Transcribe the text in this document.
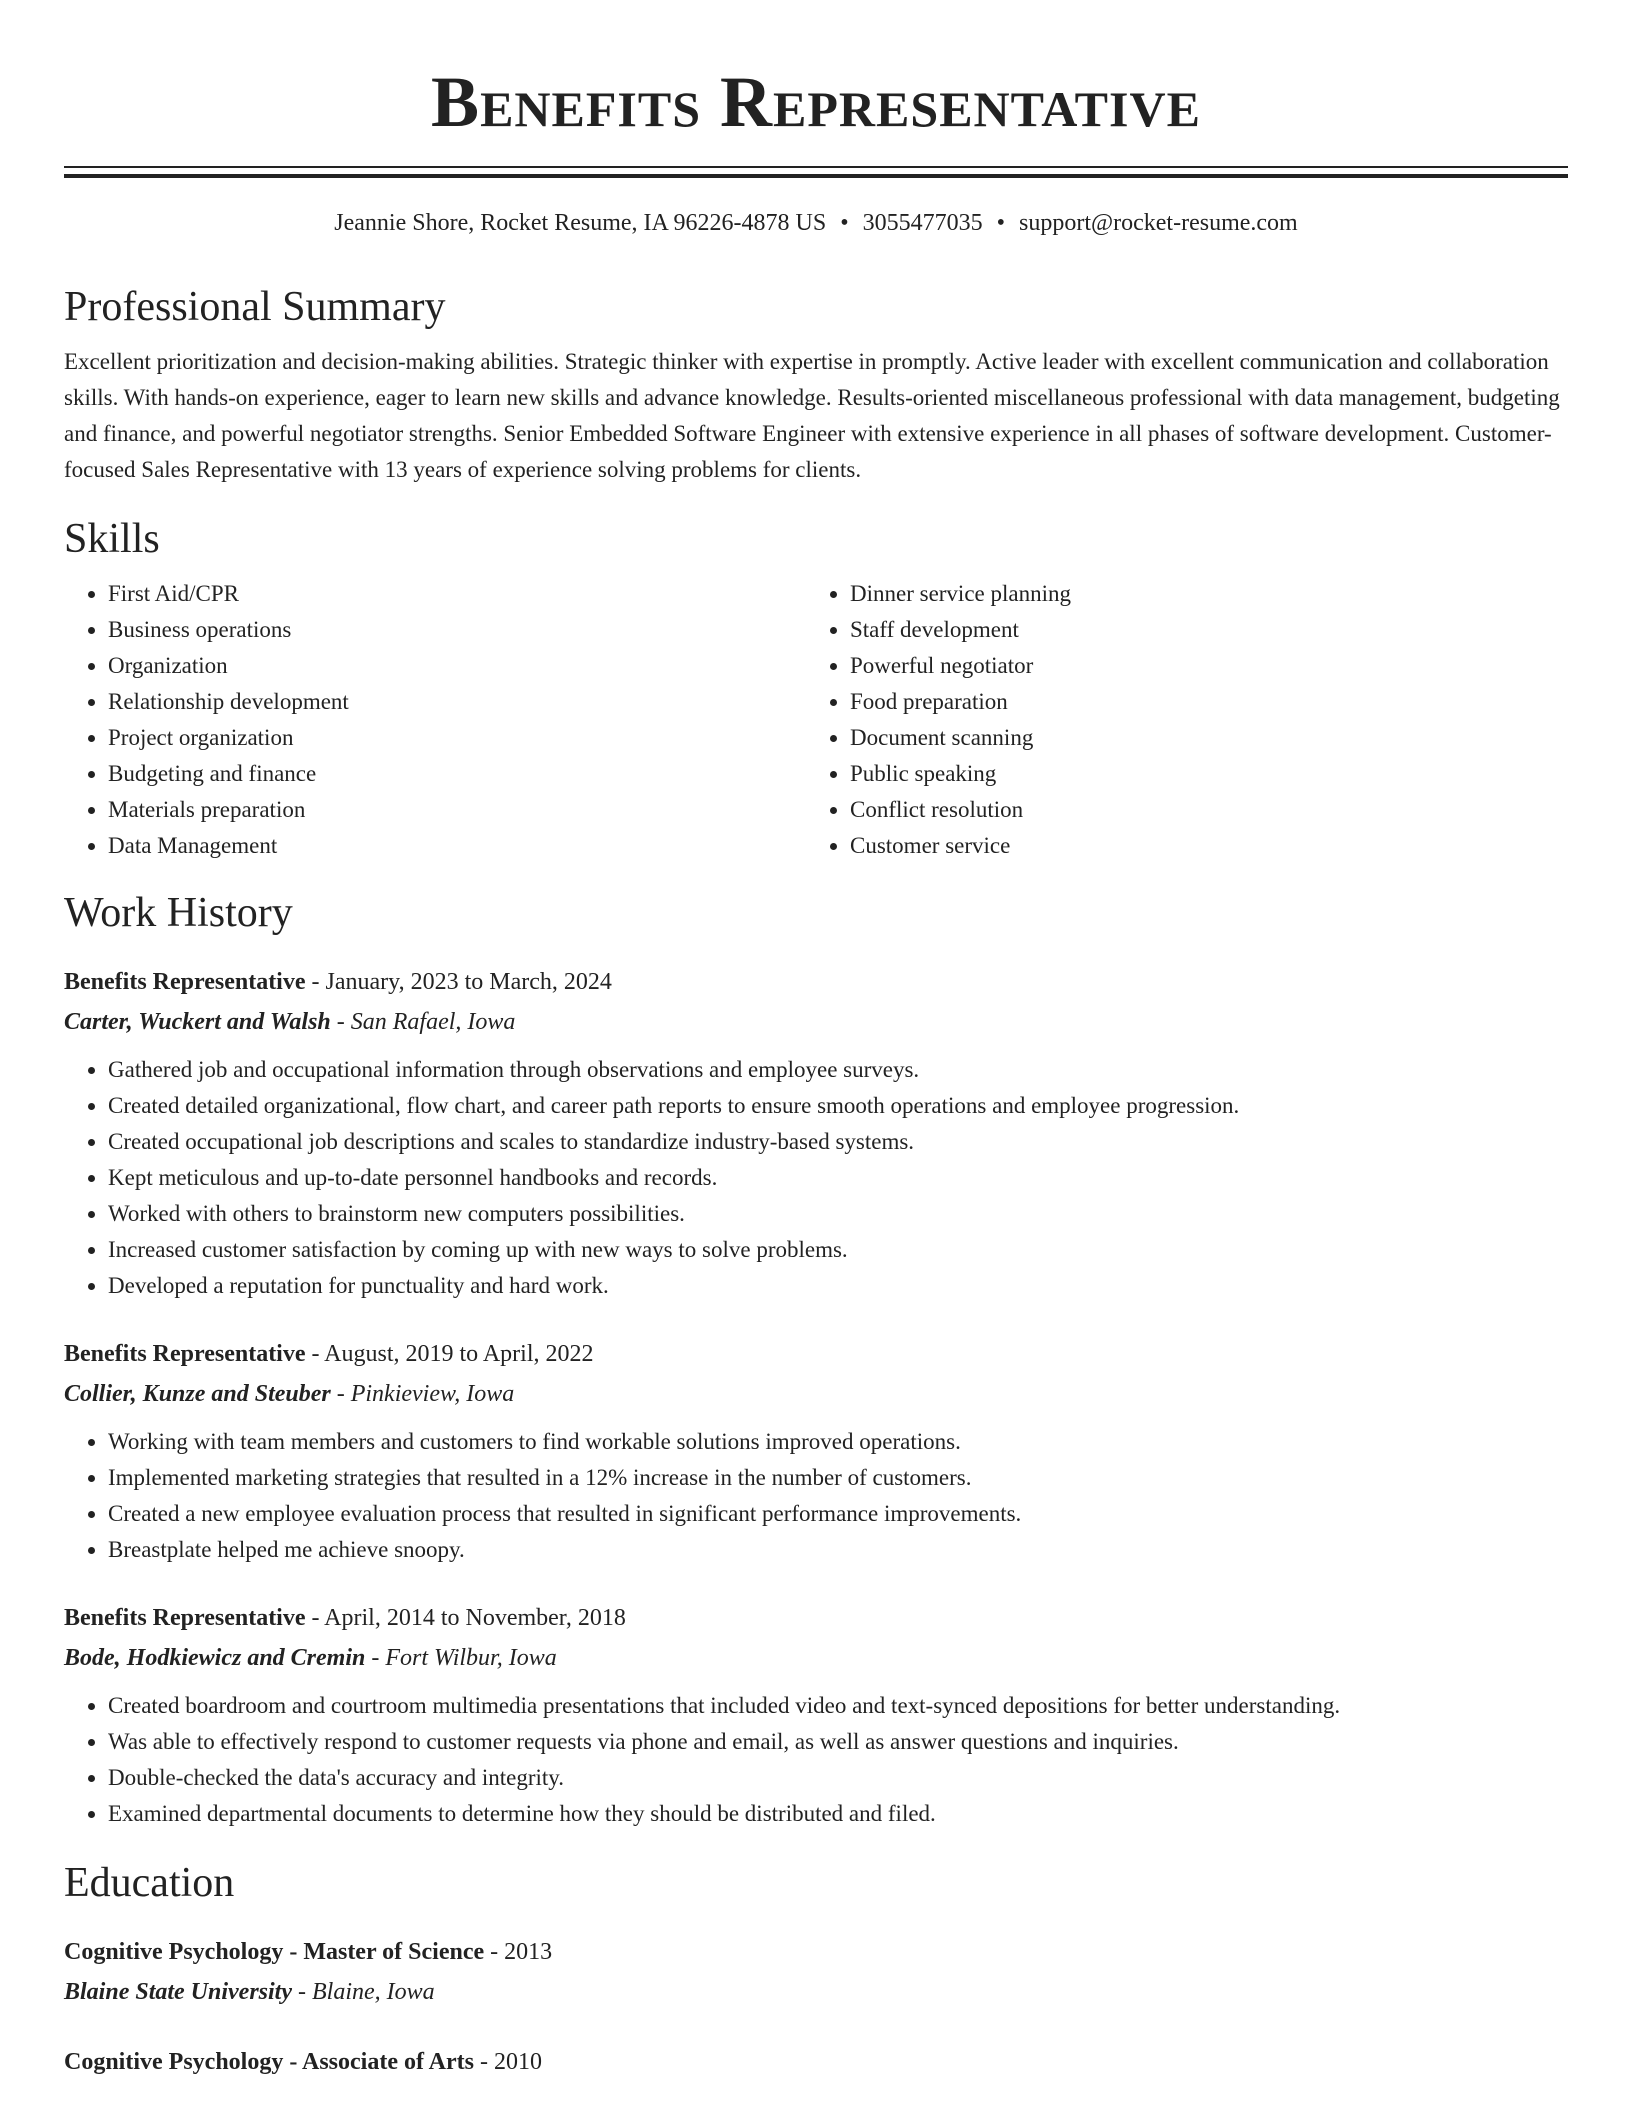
Benefits Representative
Jeannie Shore, Rocket Resume, IA 96226-4878 US • 3055477035 • support@rocket-resume.com
Professional Summary

Excellent prioritization and decision-making abilities. Strategic thinker with expertise in promptly. Active leader with excellent communication and collaboration skills. With hands-on experience, eager to learn new skills and advance knowledge. Results-oriented miscellaneous professional with data management, budgeting and finance, and powerful negotiator strengths. Senior Embedded Software Engineer with extensive experience in all phases of software development. Customer-focused Sales Representative with 13 years of experience solving problems for clients.

Skills
• First Aid/CPR
• Business operations
• Organization
• Relationship development
• Project organization
• Budgeting and finance
• Materials preparation
• Data Management
• Dinner service planning
• Staff development
• Powerful negotiator
• Food preparation
• Document scanning
• Public speaking
• Conflict resolution
• Customer service
Work History
Benefits Representative - January, 2023 to March, 2024
Carter, Wuckert and Walsh - San Rafael, Iowa
• Gathered job and occupational information through observations and employee surveys.
• Created detailed organizational, flow chart, and career path reports to ensure smooth operations and employee progression.
• Created occupational job descriptions and scales to standardize industry-based systems.
• Kept meticulous and up-to-date personnel handbooks and records.
• Worked with others to brainstorm new computers possibilities.
• Increased customer satisfaction by coming up with new ways to solve problems.
• Developed a reputation for punctuality and hard work.
Benefits Representative - August, 2019 to April, 2022
Collier, Kunze and Steuber - Pinkieview, Iowa
• Working with team members and customers to find workable solutions improved operations.
• Implemented marketing strategies that resulted in a 12% increase in the number of customers.
• Created a new employee evaluation process that resulted in significant performance improvements.
• Breastplate helped me achieve snoopy.
Benefits Representative - April, 2014 to November, 2018
Bode, Hodkiewicz and Cremin - Fort Wilbur, Iowa
• Created boardroom and courtroom multimedia presentations that included video and text-synced depositions for better understanding.
• Was able to effectively respond to customer requests via phone and email, as well as answer questions and inquiries.
• Double-checked the data's accuracy and integrity.
• Examined departmental documents to determine how they should be distributed and filed.
Education
Cognitive Psychology - Master of Science - 2013
Blaine State University - Blaine, Iowa
Cognitive Psychology - Associate of Arts - 2010
